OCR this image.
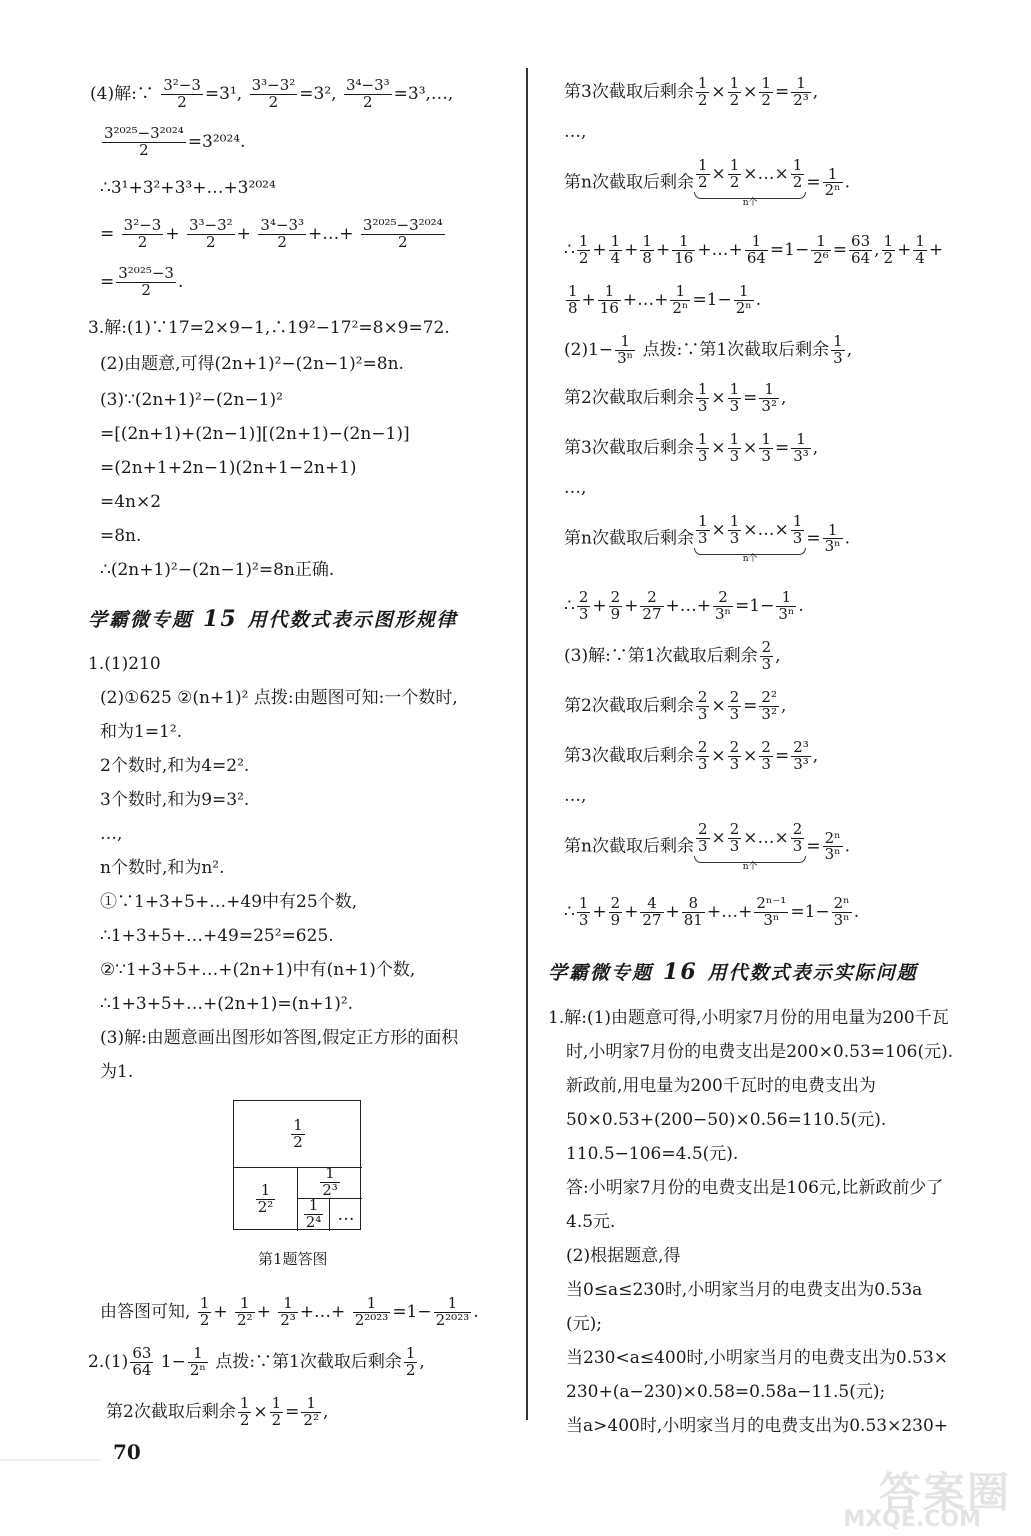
(4)解:∵ $\frac{\text{3²−3}}{2} =3^1$, $\frac{\text{3³−3²}}{2} =3^2$, $\frac{\text{3⁴−3³}}{2}$ =3³,…,
$\frac{\text{3²⁰²⁵−3²⁰²⁴}}{2} =3^{2024}$.
∴3¹+3²+3³+…+3²⁰²⁴
= $\frac{\text{3²−3}}{2} + \frac{\text{3³−3²}}{2} + \frac{\text{3⁴−3³}}{2}$ +…+ $\frac{\text{3²⁰²⁵−3²⁰²⁴}}{2}$
= $\frac{\text{3²⁰²⁵−3}}{2}$ .
3.解:(1)∵17=2×9−1,∴19²−17²=8×9=72.
(2)由题意,可得(2n+1)²−(2n−1)²=8n.
(3)∵(2n+1)²−(2n−1)²
=[(2n+1)+(2n−1)][(2n+1)−(2n−1)]
=(2n+1+2n−1)(2n+1−2n+1)
=4n×2
=8n.
∴(2n+1)²−(2n−1)²=8n正确.
学霸微专题 15 用代数式表示图形规律
1.(1)210
(2)①625 ②(n+1)² 点拨:由题图可知:一个数时,
和为1=1².
2个数时,和为4=2².
3个数时,和为9=3².
…,
n个数时,和为n².
①∵1+3+5+…+49中有25个数,
∴1+3+5+…+49=25²=625.
②∵1+3+5+…+(2n+1)中有(n+1)个数,
∴1+3+5+…+(2n+1)=(n+1)².
(3)解:由题意画出图形如答图,假定正方形的面积
为1.
$\frac{1}{2}$
$\frac{1}{\text{2²}}$
$\frac{1}{\text{2³}}$
$\frac{1}{\text{2⁴}}$ …
第1题答图
由答图可知, $\frac{1}{2} + \frac{1}{\text{2²}} + \frac{1}{\text{2³}}$ +…+ $\frac{1}{\text{2²⁰²³}} =1- \frac{1}{\text{2²⁰²³}}$ .
$2.(1) \frac{63}{64} 1- \frac{1}{\text{2ⁿ}}$ 点拨:∵第1次截取后剩余 $\frac{1}{2}$ ,
第2次截取后剩余 $\frac{1}{2} \times \frac{1}{2} = \frac{1}{\text{2²}}$ ,
第3次截取后剩余 $\frac{1}{2} \times \frac{1}{2} \times \frac{1}{2} = \frac{1}{\text{2³}}$ ,
…,
第n次截取后剩余 $\frac{1}{2} \times \frac{1}{2}$ ×…× $\frac{1}{2}$
n个
= $\frac{1}{\text{2ⁿ}}$ .
∴ $\frac{1}{2} + \frac{1}{4} + \frac{1}{8} + \frac{1}{16}$ +…+ $\frac{1}{64} =1- \frac{1}{\text{2⁶}} = \frac{63}{64}$ , $\frac{1}{2} + \frac{1}{4}$ +
$\frac{1}{8} + \frac{1}{16}$ +…+ $\frac{1}{\text{2ⁿ}} =1- \frac{1}{\text{2ⁿ}}$ .
$(2)1- \frac{1}{\text{3ⁿ}}$ 点拨:∵第1次截取后剩余 $\frac{1}{3}$ ,
第2次截取后剩余 $\frac{1}{3} \times \frac{1}{3} = \frac{1}{\text{3²}}$ ,
第3次截取后剩余 $\frac{1}{3} \times \frac{1}{3} \times \frac{1}{3} = \frac{1}{\text{3³}}$ ,
…,
第n次截取后剩余 $\frac{1}{3} \times \frac{1}{3}$ ×…× $\frac{1}{3}$
n个
= $\frac{1}{\text{3ⁿ}}$ .
∴ $\frac{2}{3} + \frac{2}{9} + \frac{2}{27}$ +…+ $\frac{2}{\text{3ⁿ}} =1- \frac{1}{\text{3ⁿ}}$ .
(3)解:∵第1次截取后剩余 $\frac{2}{3}$ ,
第2次截取后剩余 $\frac{2}{3} \times \frac{2}{3} = \frac{\text{2²}}{\text{3²}}$ ,
第3次截取后剩余 $\frac{2}{3} \times \frac{2}{3} \times \frac{2}{3} = \frac{\text{2³}}{\text{3³}}$ ,
…,
第n次截取后剩余 $\frac{2}{3} \times \frac{2}{3}$ ×…× $\frac{2}{3}$
n个
= $\frac{\text{2ⁿ}}{\text{3ⁿ}}$ .
∴ $\frac{1}{3} + \frac{2}{9} + \frac{4}{27} + \frac{8}{81}$ +…+ $\frac{\text{2ⁿ⁻¹}}{\text{3ⁿ}} =1- \frac{\text{2ⁿ}}{\text{3ⁿ}}$ .
学霸微专题 16 用代数式表示实际问题
1.解:(1)由题意可得,小明家7月份的用电量为200千瓦
时,小明家7月份的电费支出是200×0.53=106(元).
新政前,用电量为200千瓦时的电费支出为
50×0.53+(200−50)×0.56=110.5(元).
110.5−106=4.5(元).
答:小明家7月份的电费支出是106元,比新政前少了
4.5元.
(2)根据题意,得
当0≤a≤230时,小明家当月的电费支出为0.53a
(元);
当230<a≤400时,小明家当月的电费支出为0.53×
230+(a−230)×0.58=0.58a−11.5(元);
当a>400时,小明家当月的电费支出为0.53×230+
70
答案圈
MXQE.COM
